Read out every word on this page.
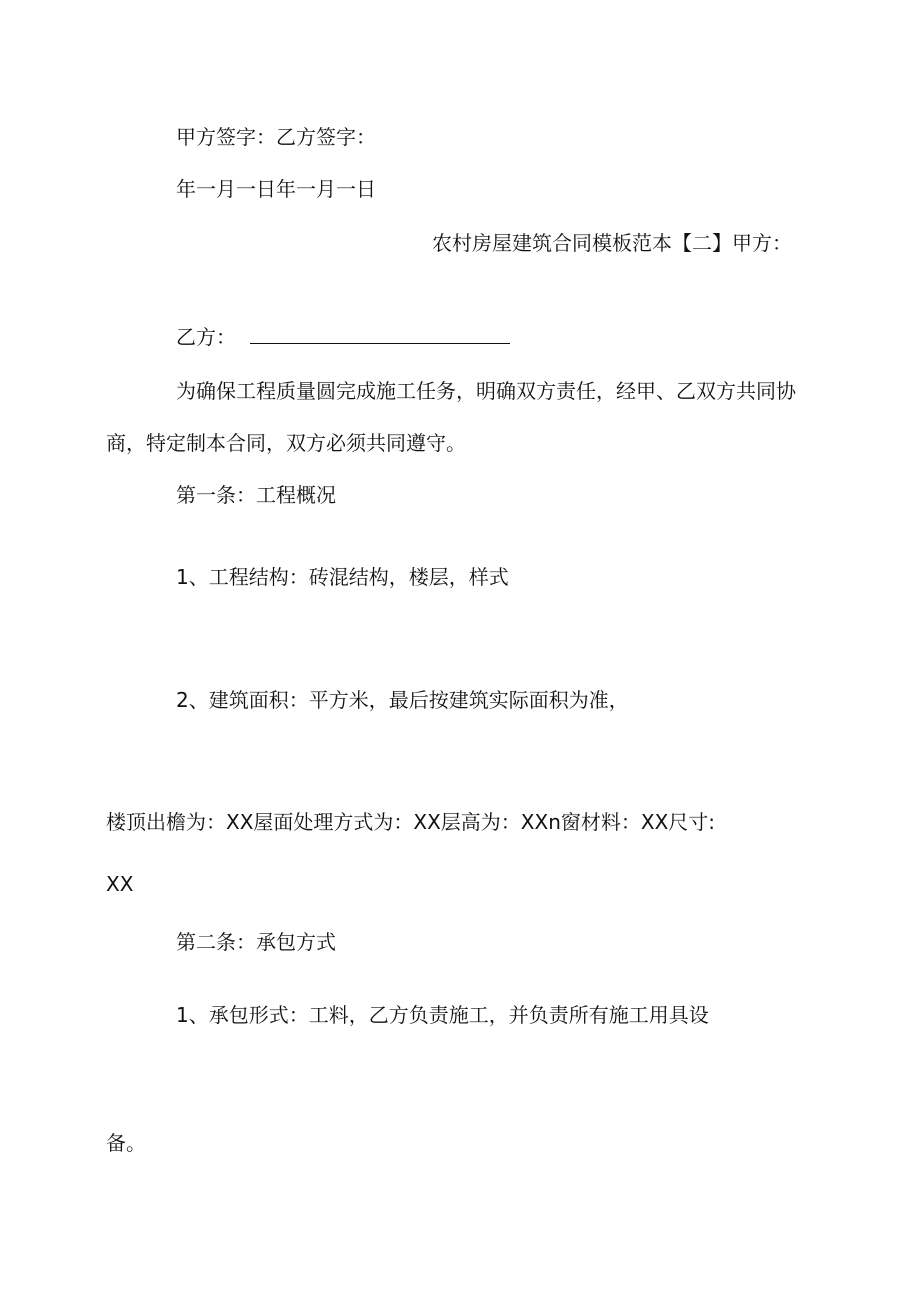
甲方签字：乙方签字：
年一月一日年一月一日
农村房屋建筑合同模板范本【二】甲方：
乙方：
为确保工程质量圆完成施工任务，明确双方责任，经甲、乙双方共同协
商，特定制本合同，双方必须共同遵守。
第一条：工程概况
1、工程结构：砖混结构，楼层，样式
2、建筑面积：平方米，最后按建筑实际面积为准，
楼顶出檐为：XX屋面处理方式为：XX层高为：XXn窗材料：XX尺寸:
XX
第二条：承包方式
1、承包形式：工料，乙方负责施工，并负责所有施工用具设
备。
